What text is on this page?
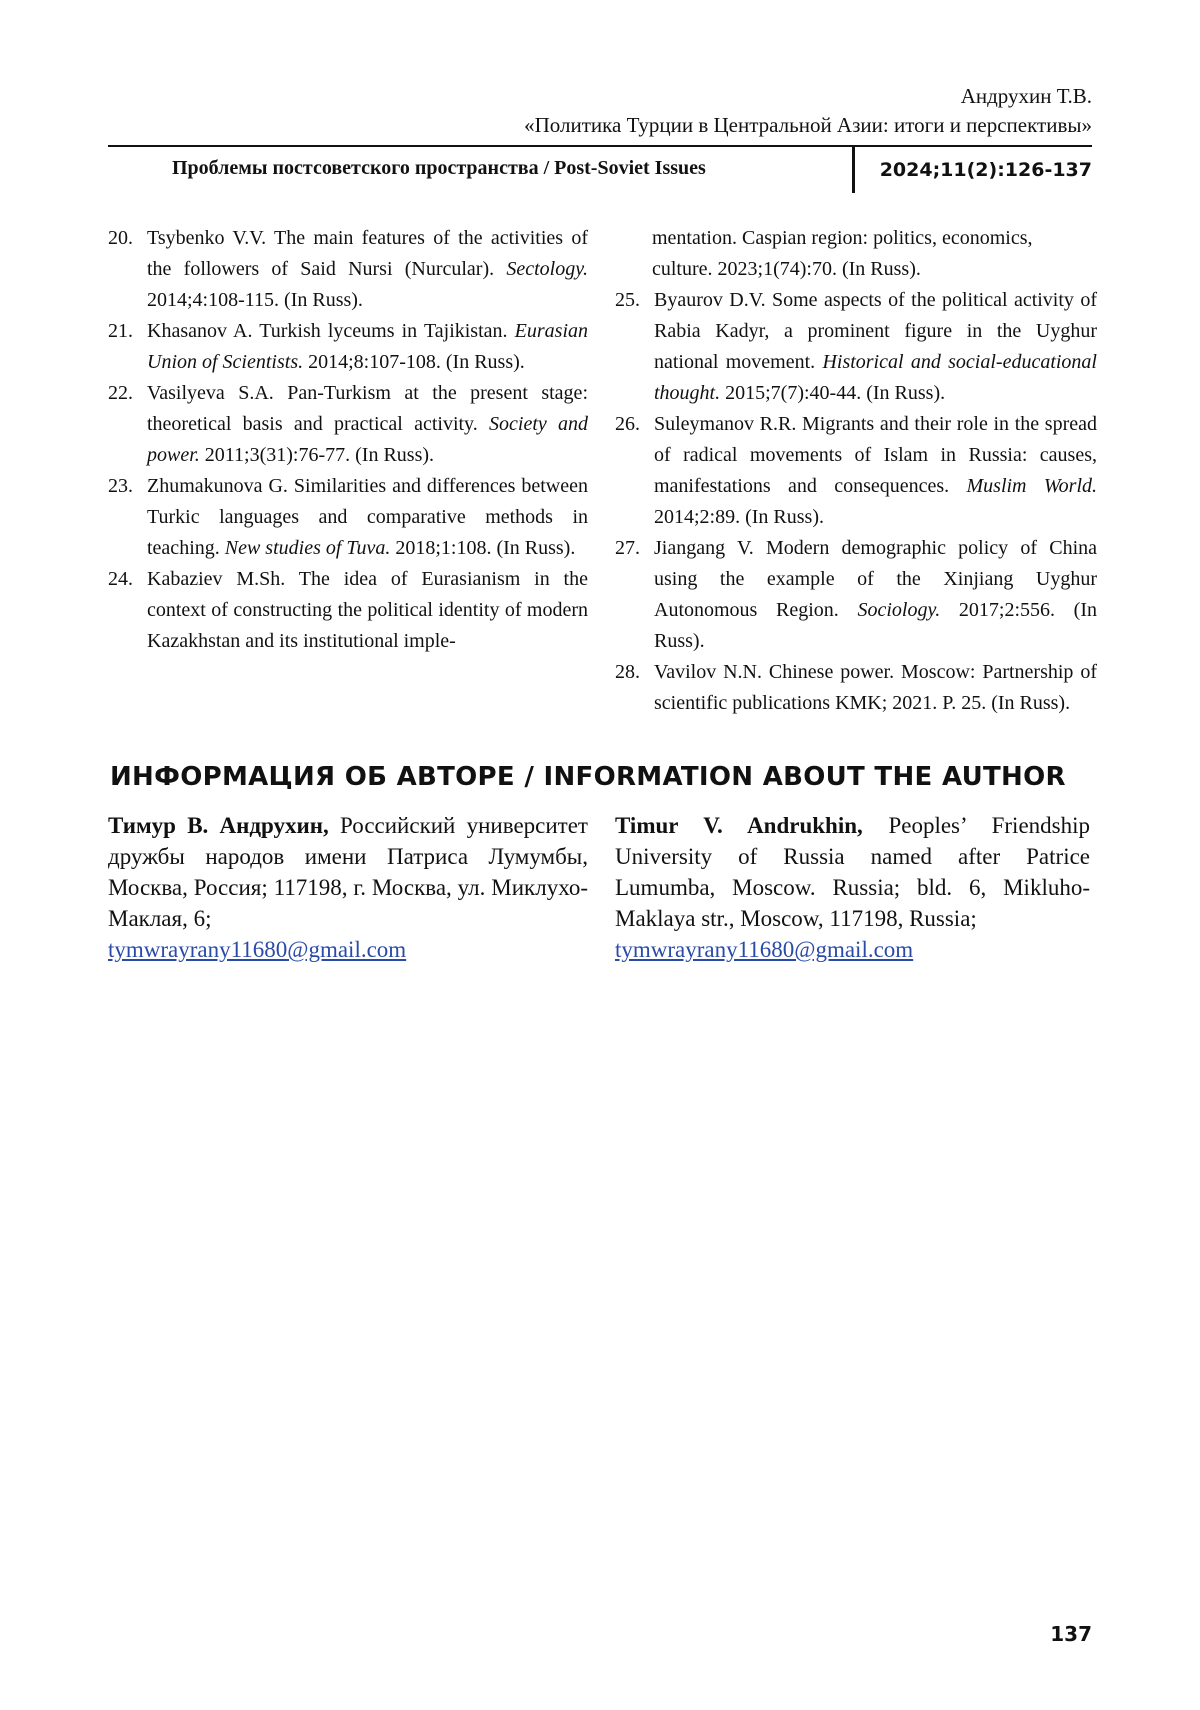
Андрухин Т.В.
«Политика Турции в Центральной Азии: итоги и перспективы»
Проблемы постсоветского пространства / Post-Soviet Issues	2024;11(2):126-137
20. Tsybenko V.V. The main features of the activities of the followers of Said Nursi (Nurcular). Sectology. 2014;4:108-115. (In Russ).
21. Khasanov A. Turkish lyceums in Tajikistan. Eurasian Union of Scientists. 2014;8:107-108. (In Russ).
22. Vasilyeva S.A. Pan-Turkism at the present stage: theoretical basis and practical activity. Society and power. 2011;3(31):76-77. (In Russ).
23. Zhumakunova G. Similarities and differences between Turkic languages and comparative methods in teaching. New studies of Tuva. 2018;1:108. (In Russ).
24. Kabaziev M.Sh. The idea of Eurasianism in the context of constructing the political identity of modern Kazakhstan and its institutional imple-
mentation. Caspian region: politics, economics, culture. 2023;1(74):70. (In Russ).
25. Byaurov D.V. Some aspects of the political activity of Rabia Kadyr, a prominent figure in the Uyghur national movement. Historical and social-educational thought. 2015;7(7):40-44. (In Russ).
26. Suleymanov R.R. Migrants and their role in the spread of radical movements of Islam in Russia: causes, manifestations and consequences. Muslim World. 2014;2:89. (In Russ).
27. Jiangang V. Modern demographic policy of China using the example of the Xinjiang Uyghur Autonomous Region. Sociology. 2017;2:556. (In Russ).
28. Vavilov N.N. Chinese power. Moscow: Partnership of scientific publications KMK; 2021. P. 25. (In Russ).
ИНФОРМАЦИЯ ОБ АВТОРЕ / INFORMATION ABOUT THE AUTHOR
Тимур В. Андрухин, Российский университет дружбы народов имени Патриса Лумумбы, Москва, Россия; 117198, г. Москва, ул. Миклухо-Маклая, 6;
tymwrayrany11680@gmail.com
Timur V. Andrukhin, Peoples’ Friendship University of Russia named after Patrice Lumumba, Moscow. Russia; bld. 6, Miklu­ho-Maklaya str., Moscow, 117198, Russia;
tymwrayrany11680@gmail.com
137
